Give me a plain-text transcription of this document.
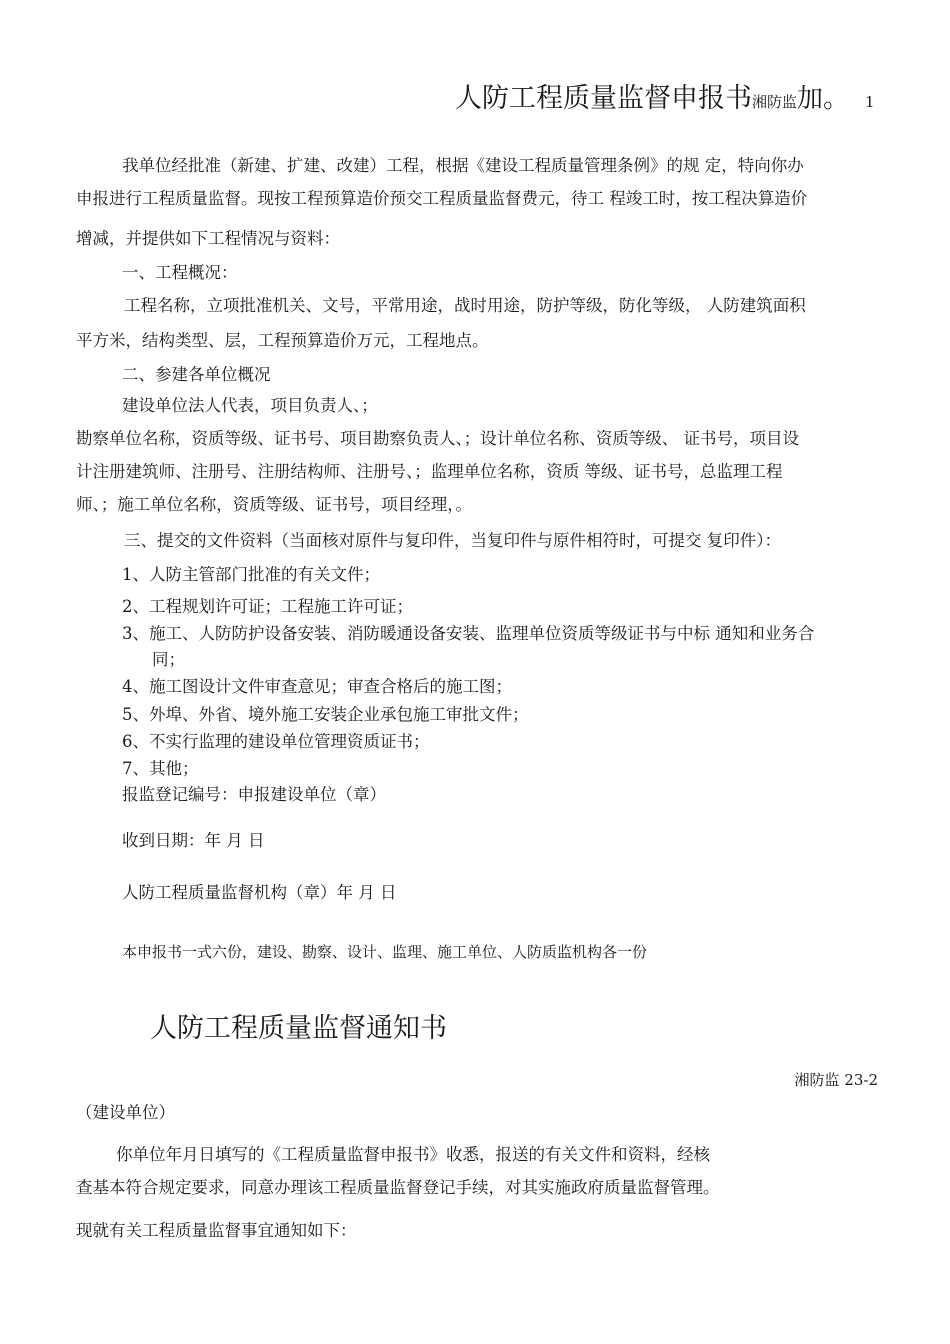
人防工程质量监督申报书湘防监加。 1
我单位经批准（新建、扩建、改建）工程，根据《建设工程质量管理条例》的规 定，特向你办
申报进行工程质量监督。现按工程预算造价预交工程质量监督费元，待工 程竣工时，按工程决算造价
增减，并提供如下工程情况与资料：
一、工程概况：
工程名称，立项批准机关、文号，平常用途，战时用途，防护等级，防化等级， 人防建筑面积
平方米，结构类型、层，工程预算造价万元，工程地点。
二、参建各单位概况
建设单位法人代表，项目负责人、；
勘察单位名称，资质等级、证书号、项目勘察负责人、；设计单位名称、资质等级、 证书号，项目设
计注册建筑师、注册号、注册结构师、注册号、；监理单位名称，资质 等级、证书号，总监理工程
师、；施工单位名称，资质等级、证书号，项目经理，。
三、提交的文件资料（当面核对原件与复印件，当复印件与原件相符时，可提交 复印件）：
1、人防主管部门批准的有关文件；
2、工程规划许可证；工程施工许可证；
3、施工、人防防护设备安装、消防暖通设备安装、监理单位资质等级证书与中标 通知和业务合
同；
4、施工图设计文件审查意见；审查合格后的施工图；
5、外埠、外省、境外施工安装企业承包施工审批文件；
6、不实行监理的建设单位管理资质证书；
7、其他；
报监登记编号：申报建设单位（章）
收到日期：年 月 日
人防工程质量监督机构（章）年 月 日
本申报书一式六份，建设、勘察、设计、监理、施工单位、人防质监机构各一份
人防工程质量监督通知书
湘防监 23-2
（建设单位）
你单位年月日填写的《工程质量监督申报书》收悉，报送的有关文件和资料，经核
查基本符合规定要求，同意办理该工程质量监督登记手续，对其实施政府质量监督管理。
现就有关工程质量监督事宜通知如下：
